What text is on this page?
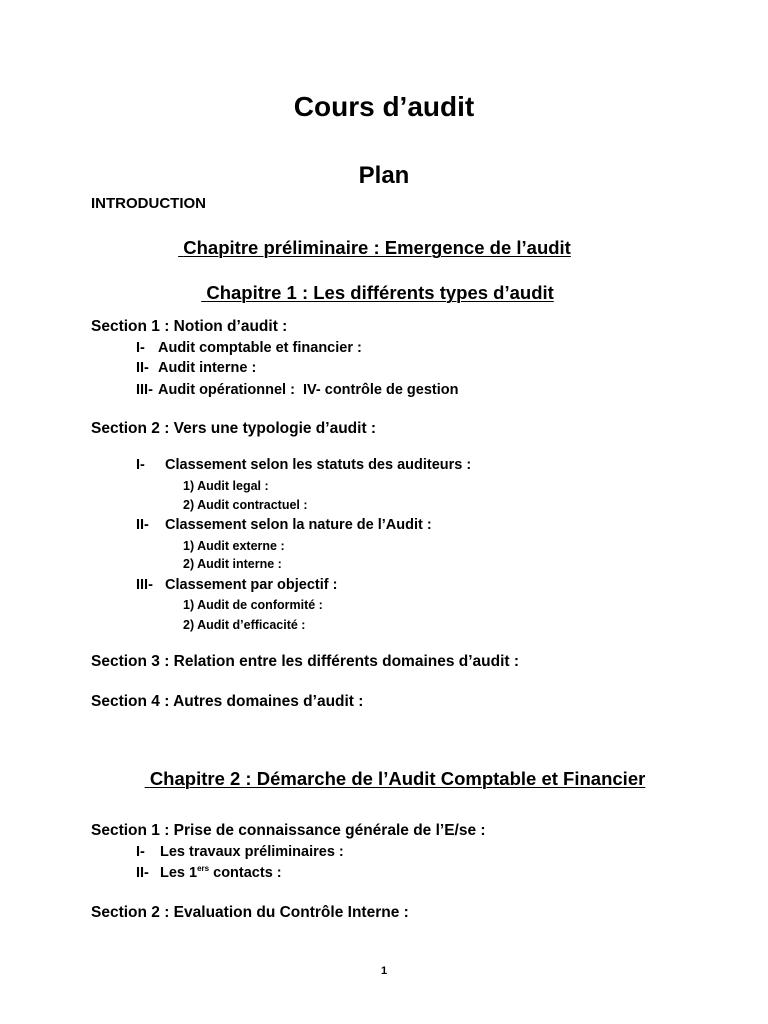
Cours d’audit
Plan
INTRODUCTION
Chapitre préliminaire : Emergence de l’audit
Chapitre 1 : Les différents types d’audit
Section 1 : Notion d’audit :
I- Audit comptable et financier :
II- Audit interne :
III- Audit opérationnel :  IV- contrôle de gestion
Section 2 : Vers une typologie d’audit :
I-	Classement selon les statuts des auditeurs :
1) Audit legal :
2) Audit contractuel :
II-	Classement selon la nature de l’Audit :
1) Audit externe :
2) Audit interne :
III- Classement par objectif :
1) Audit de conformité :
2) Audit d’efficacité :
Section 3 : Relation entre les différents domaines d’audit :
Section 4 : Autres domaines d’audit :
Chapitre 2 : Démarche de l’Audit Comptable et Financier
Section 1 : Prise de connaissance générale de l’E/se :
I-	Les travaux préliminaires :
II- Les 1ers contacts :
Section 2 : Evaluation du Contrôle Interne :
1
